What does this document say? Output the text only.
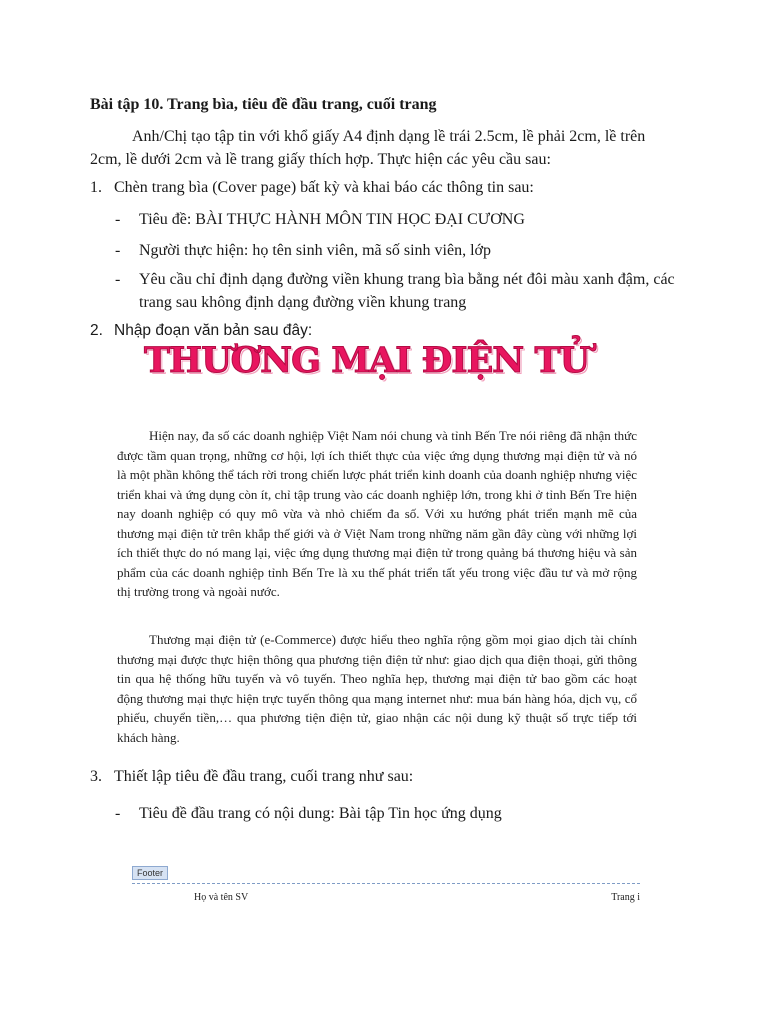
Bài tập 10. Trang bìa, tiêu đề đầu trang, cuối trang
Anh/Chị tạo tập tin với khổ giấy A4 định dạng lề trái 2.5cm, lề phải 2cm, lề trên 2cm, lề dưới 2cm và lề trang giấy thích hợp. Thực hiện các yêu cầu sau:
1. Chèn trang bìa (Cover page) bất kỳ và khai báo các thông tin sau:
- Tiêu đề: BÀI THỰC HÀNH MÔN TIN HỌC ĐẠI CƯƠNG
- Người thực hiện: họ tên sinh viên, mã số sinh viên, lớp
- Yêu cầu chỉ định dạng đường viền khung trang bìa bằng nét đôi màu xanh đậm, các trang sau không định dạng đường viền khung trang
2. Nhập đoạn văn bản sau đây:
THƯƠNG MẠI ĐIỆN TỬ
Hiện nay, đa số các doanh nghiệp Việt Nam nói chung và tỉnh Bến Tre nói riêng đã nhận thức được tầm quan trọng, những cơ hội, lợi ích thiết thực của việc ứng dụng thương mại điện tử và nó là một phần không thể tách rời trong chiến lược phát triển kinh doanh của doanh nghiệp nhưng việc triển khai và ứng dụng còn ít, chỉ tập trung vào các doanh nghiệp lớn, trong khi ở tỉnh Bến Tre hiện nay doanh nghiệp có quy mô vừa và nhỏ chiếm đa số. Với xu hướng phát triển mạnh mẽ của thương mại điện tử trên khắp thế giới và ở Việt Nam trong những năm gần đây cùng với những lợi ích thiết thực do nó mang lại, việc ứng dụng thương mại điện tử trong quảng bá thương hiệu và sản phẩm của các doanh nghiệp tỉnh Bến Tre là xu thế phát triển tất yếu trong việc đầu tư và mở rộng thị trường trong và ngoài nước.
Thương mại điện tử (e-Commerce) được hiểu theo nghĩa rộng gồm mọi giao dịch tài chính thương mại được thực hiện thông qua phương tiện điện tử như: giao dịch qua điện thoại, gửi thông tin qua hệ thống hữu tuyến và vô tuyến. Theo nghĩa hẹp, thương mại điện tử bao gồm các hoạt động thương mại thực hiện trực tuyến thông qua mạng internet như: mua bán hàng hóa, dịch vụ, cổ phiếu, chuyển tiền,… qua phương tiện điện tử, giao nhận các nội dung kỹ thuật số trực tiếp tới khách hàng.
3. Thiết lập tiêu đề đầu trang, cuối trang như sau:
- Tiêu đề đầu trang có nội dung: Bài tập Tin học ứng dụng
Footer
Họ và tên SV	Trang i
